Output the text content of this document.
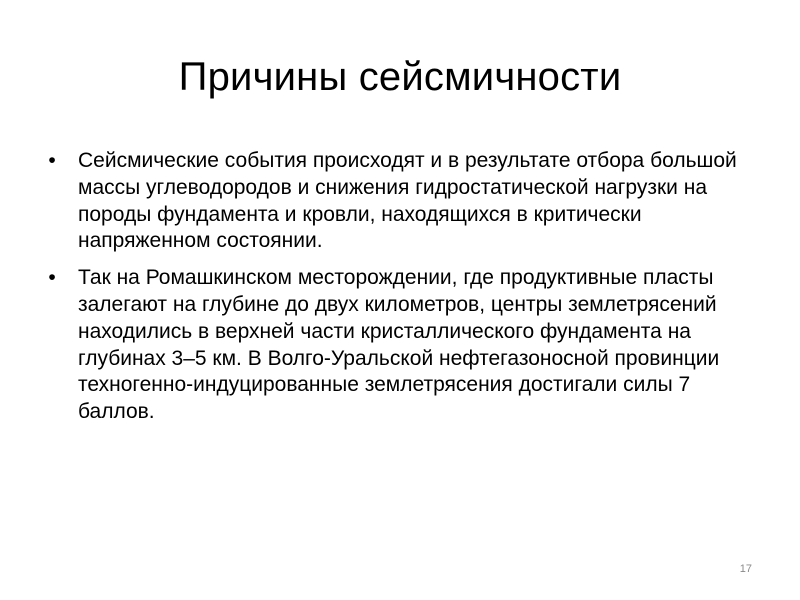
Причины сейсмичности
• Сейсмические события происходят и в результате отбора большой массы углеводородов и снижения гидростатической нагрузки на породы фундамента и кровли, находящихся в критически напряженном состоянии.
• Так на Ромашкинском месторождении, где продуктивные пласты залегают на глубине до двух километров, центры землетрясений находились в верхней части кристаллического фундамента на глубинах 3–5 км. В Волго-Уральской нефтегазоносной провинции техногенно-индуцированные землетрясения достигали силы 7 баллов.
17
